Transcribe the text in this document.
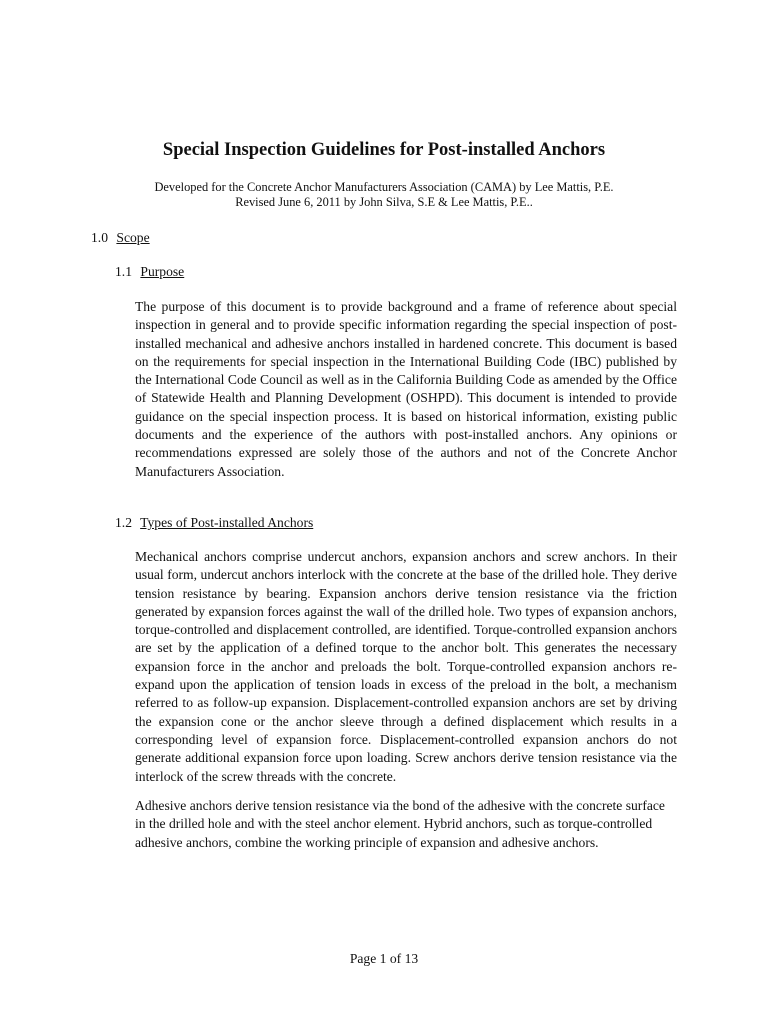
Special Inspection Guidelines for Post-installed Anchors
Developed for the Concrete Anchor Manufacturers Association (CAMA) by Lee Mattis, P.E.
Revised June 6, 2011 by John Silva, S.E & Lee Mattis, P.E..
1.0 Scope
1.1 Purpose

The purpose of this document is to provide background and a frame of reference about special inspection in general and to provide specific information regarding the special inspection of post-installed mechanical and adhesive anchors installed in hardened concrete. This document is based on the requirements for special inspection in the International Building Code (IBC) published by the International Code Council as well as in the California Building Code as amended by the Office of Statewide Health and Planning Development (OSHPD). This document is intended to provide guidance on the special inspection process. It is based on historical information, existing public documents and the experience of the authors with post-installed anchors. Any opinions or recommendations expressed are solely those of the authors and not of the Concrete Anchor Manufacturers Association.

1.2 Types of Post-installed Anchors

Mechanical anchors comprise undercut anchors, expansion anchors and screw anchors. In their usual form, undercut anchors interlock with the concrete at the base of the drilled hole. They derive tension resistance by bearing. Expansion anchors derive tension resistance via the friction generated by expansion forces against the wall of the drilled hole. Two types of expansion anchors, torque-controlled and displacement controlled, are identified. Torque-controlled expansion anchors are set by the application of a defined torque to the anchor bolt. This generates the necessary expansion force in the anchor and preloads the bolt. Torque-controlled expansion anchors re-expand upon the application of tension loads in excess of the preload in the bolt, a mechanism referred to as follow-up expansion. Displacement-controlled expansion anchors are set by driving the expansion cone or the anchor sleeve through a defined displacement which results in a corresponding level of expansion force. Displacement-controlled expansion anchors do not generate additional expansion force upon loading. Screw anchors derive tension resistance via the interlock of the screw threads with the concrete.

Adhesive anchors derive tension resistance via the bond of the adhesive with the concrete surface in the drilled hole and with the steel anchor element. Hybrid anchors, such as torque-controlled adhesive anchors, combine the working principle of expansion and adhesive anchors.

Page 1 of 13
